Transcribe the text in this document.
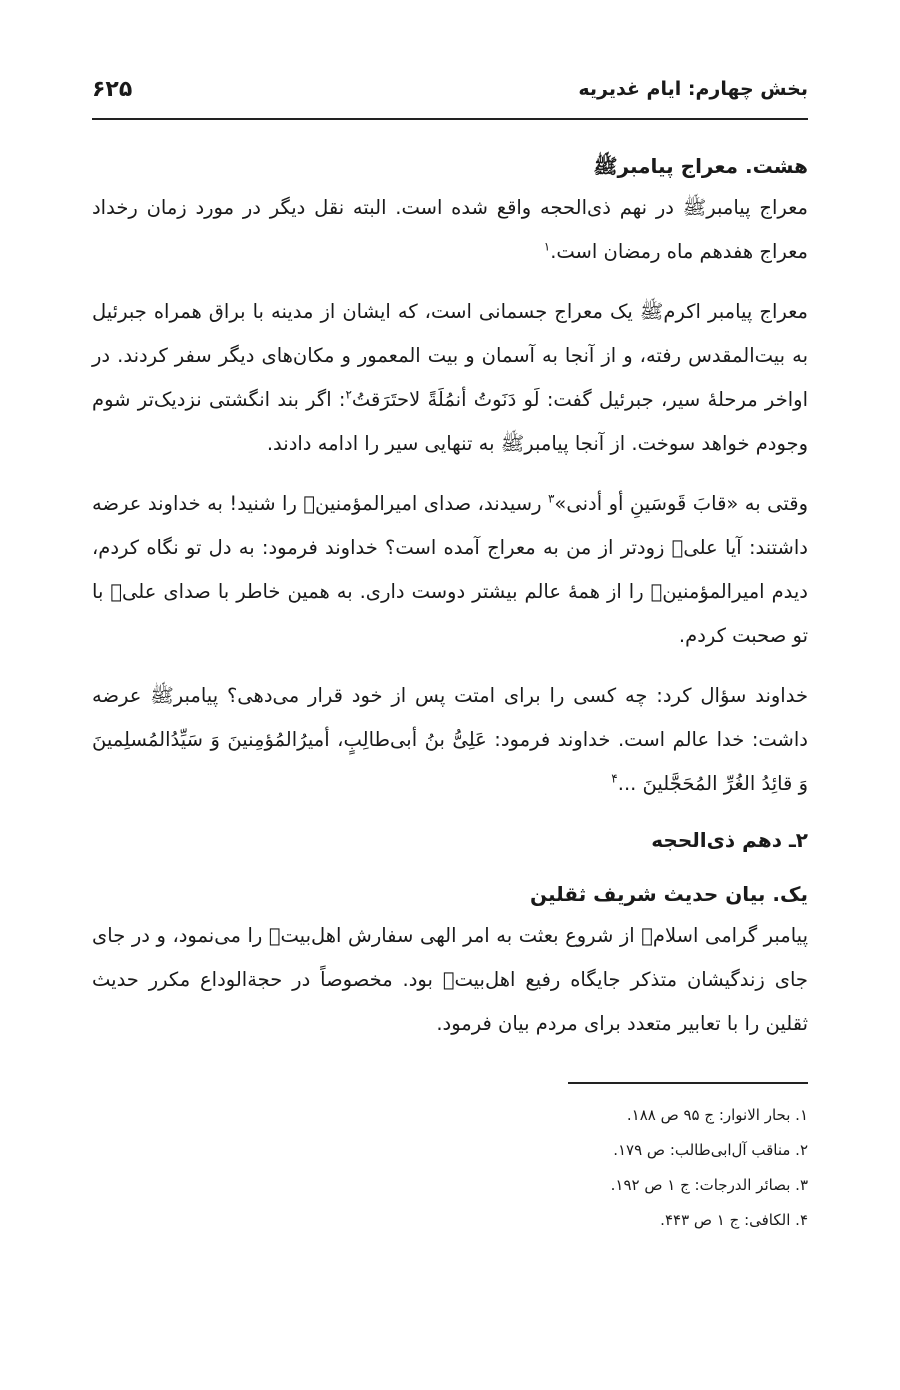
بخش چهارم: ایام غدیریه
۶۲۵
هشت. معراج پیامبرﷺ

معراج پیامبرﷺ در نهم ذی‌الحجه واقع شده است. البته نقل دیگر در مورد زمان رخداد معراج هفدهم ماه رمضان است.$^۱$

معراج پیامبر اکرمﷺ یک معراج جسمانی است، که ایشان از مدینه با براق همراه جبرئیل به بیت‌المقدس رفته، و از آنجا به آسمان و بیت المعمور و مکان‌های دیگر سفر کردند. در اواخر مرحلهٔ سیر، جبرئیل گفت: لَو دَنَوتُ أنمُلَةً لاحتَرَقتُ$^۲$: اگر بند انگشتی نزدیک‌تر شوم وجودم خواهد سوخت. از آنجا پیامبرﷺ به تنهایی سیر را ادامه دادند.

وقتی به «قابَ قَوسَینِ أو أدنی»$^۳$ رسیدند، صدای امیرالمؤمنینؑ را شنید! به خداوند عرضه داشتند: آیا علیؑ زودتر از من به معراج آمده است؟ خداوند فرمود: به دل تو نگاه کردم، دیدم امیرالمؤمنینؑ را از همهٔ عالم بیشتر دوست داری. به همین خاطر با صدای علیؑ با تو صحبت کردم.

خداوند سؤال کرد: چه کسی را برای امتت پس از خود قرار می‌دهی؟ پیامبرﷺ عرضه داشت: خدا عالم است. خداوند فرمود: عَلِیُّ بنُ أبی‌طالِبٍ، أمیرُالمُؤمِنینَ وَ سَیِّدُالمُسلِمینَ وَ قائِدُ الغُرِّ المُحَجَّلینَ ...$^۴$

۲ـ دهم ذی‌الحجه
یک. بیان حدیث شریف ثقلین

پیامبر گرامی اسلامﷺ از شروع بعثت به امر الهی سفارش اهل‌بیتؑ را می‌نمود، و در جای جای زندگیشان متذکر جایگاه رفیع اهل‌بیتؑ بود. مخصوصاً در حجة‌الوداع مکرر حدیث ثقلین را با تعابیر متعدد برای مردم بیان فرمود.

۱. بحار الانوار: ج ۹۵ ص ۱۸۸.
۲. مناقب آل‌ابی‌طالب: ص ۱۷۹.
۳. بصائر الدرجات: ج ۱ ص ۱۹۲.
۴. الکافی: ج ۱ ص ۴۴۳.
